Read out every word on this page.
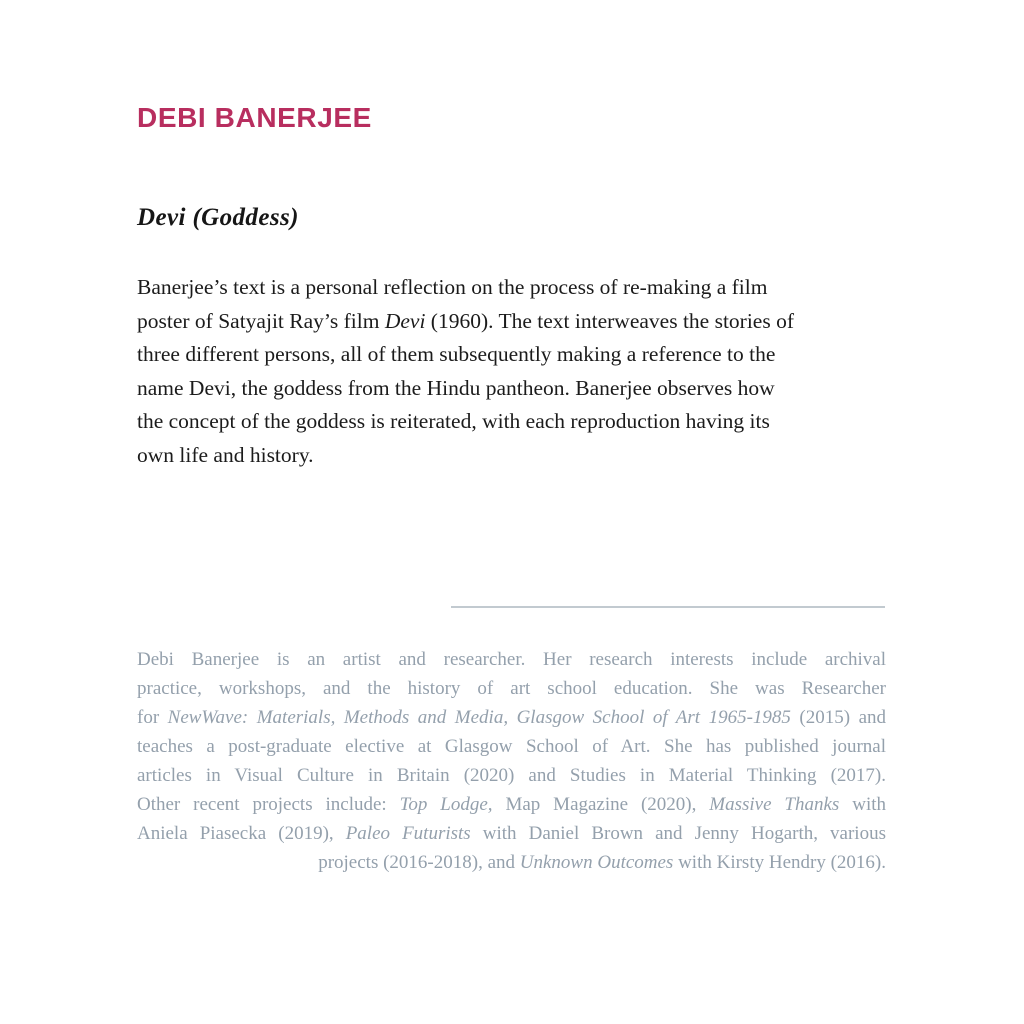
DEBI BANERJEE
Devi (Goddess)
Banerjee’s text is a personal reflection on the process of re-making a film
poster of Satyajit Ray’s film Devi (1960). The text interweaves the stories of
three different persons, all of them subsequently making a reference to the
name Devi, the goddess from the Hindu pantheon. Banerjee observes how
the concept of the goddess is reiterated, with each reproduction having its
own life and history.
Debi Banerjee is an artist and researcher. Her research interests include archival
practice, workshops, and the history of art school education. She was Researcher
for NewWave: Materials, Methods and Media, Glasgow School of Art 1965-1985 (2015) and
teaches a post-graduate elective at Glasgow School of Art. She has published journal
articles in Visual Culture in Britain (2020) and Studies in Material Thinking (2017).
Other recent projects include: Top Lodge, Map Magazine (2020), Massive Thanks with
Aniela Piasecka (2019), Paleo Futurists with Daniel Brown and Jenny Hogarth, various
projects (2016-2018), and Unknown Outcomes with Kirsty Hendry (2016).
